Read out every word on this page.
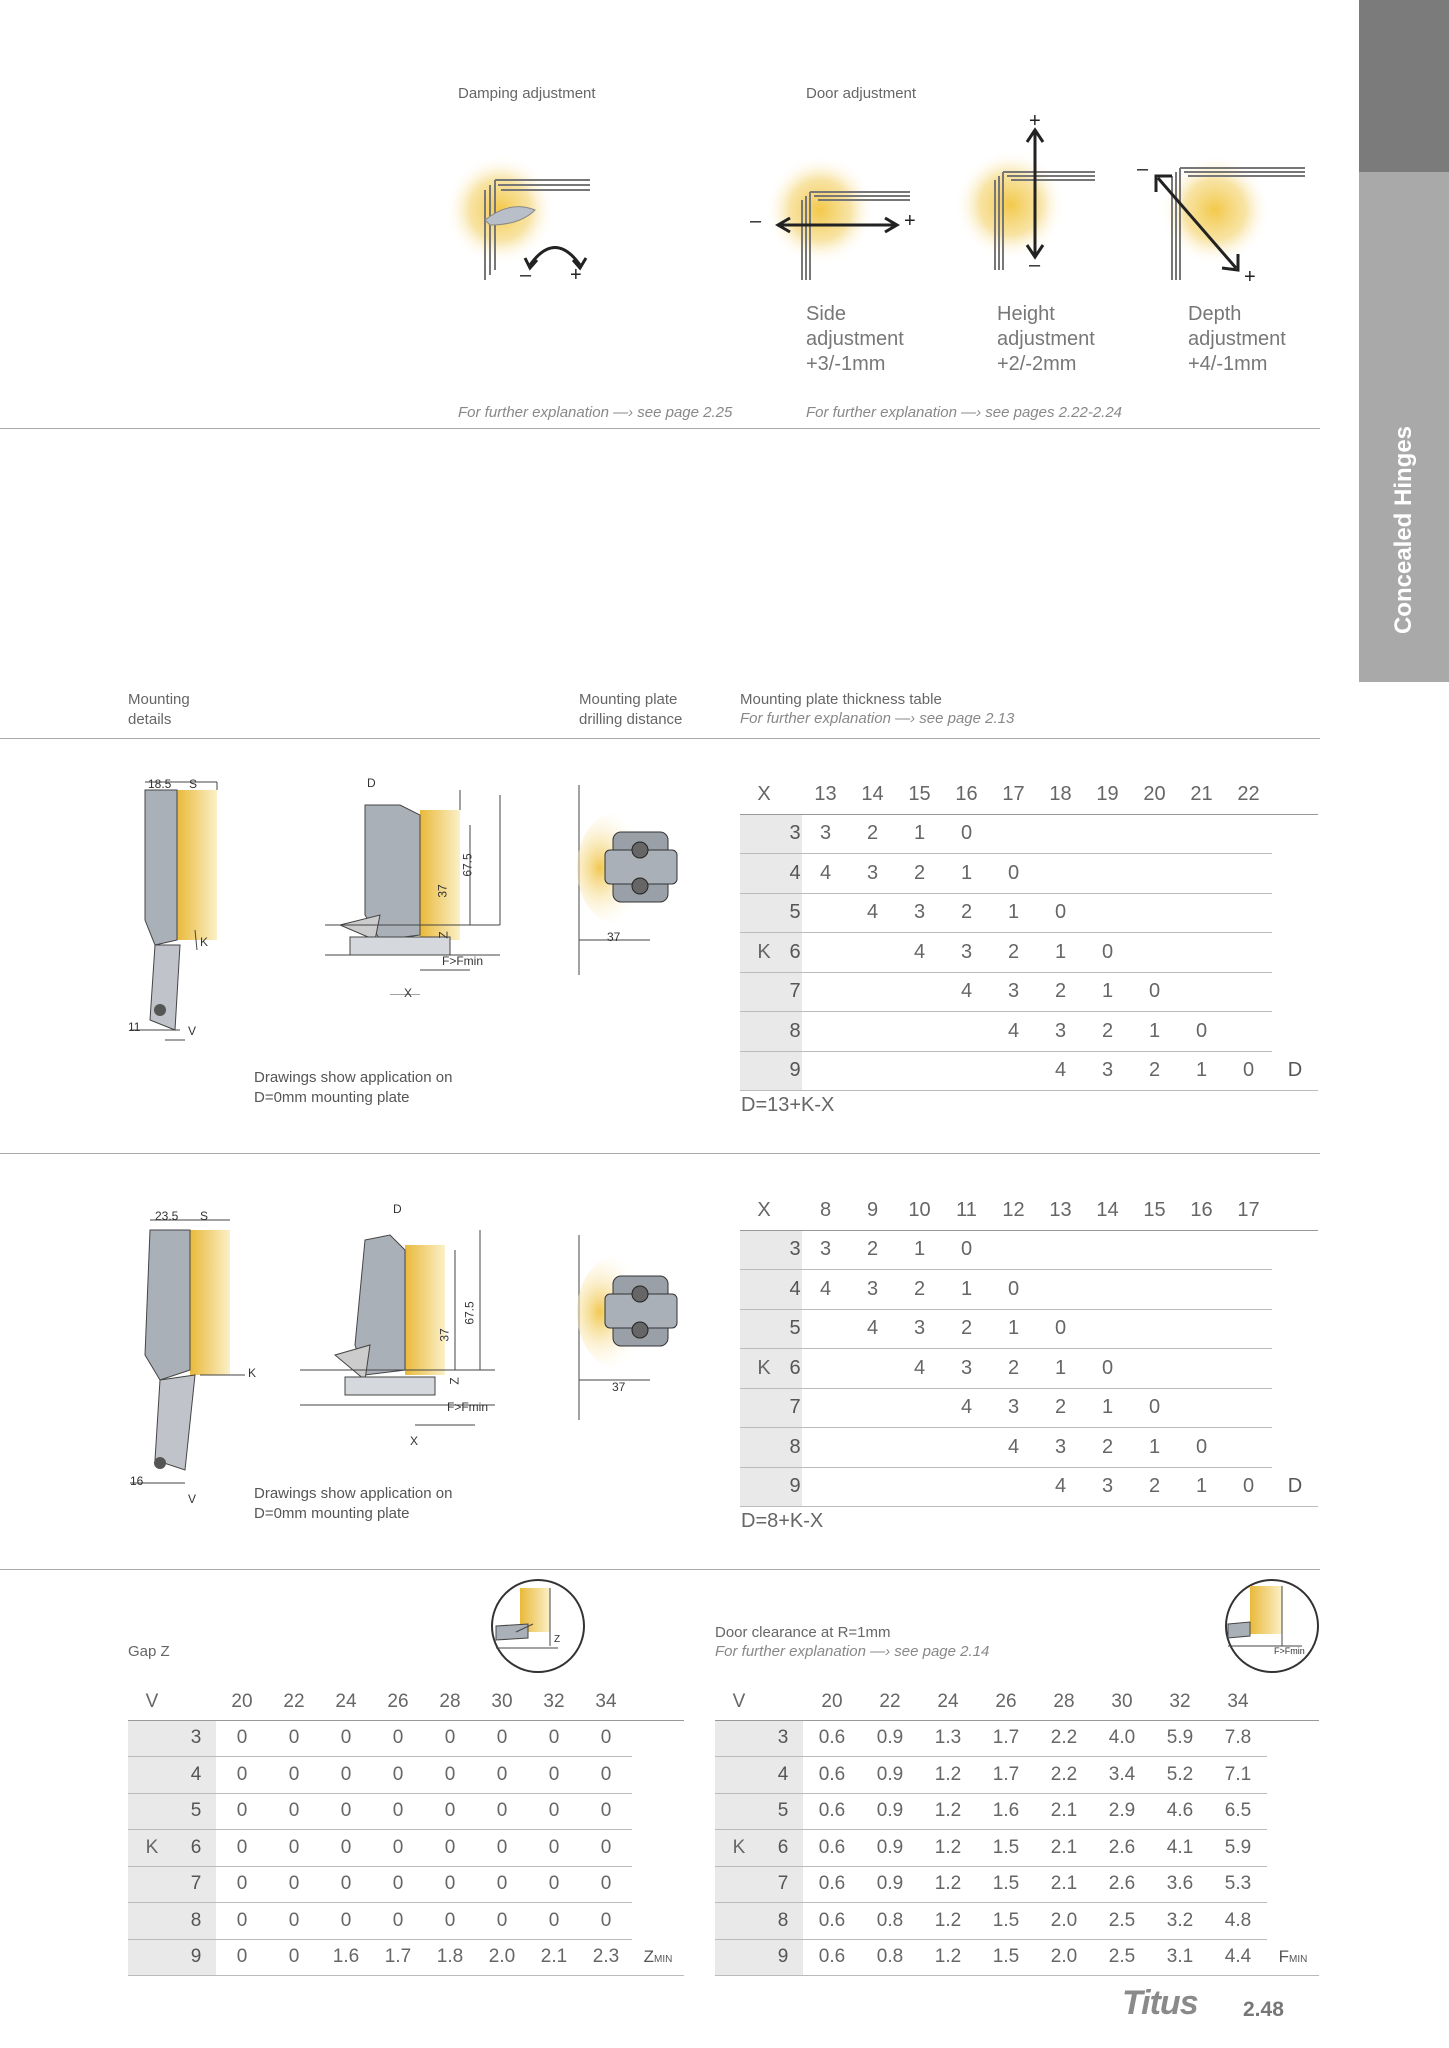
Concealed Hinges
Damping adjustment	Door adjustment
– +
–	+
+
–
–
+
Side
adjustment
+3/-1mm
Height
adjustment
+2/-2mm
Depth
adjustment
+4/-1mm
For further explanation —› see page 2.25	For further explanation —› see pages 2.22-2.24
Mounting
details
Mounting plate
drilling distance
Mounting plate thickness table
For further explanation —› see page 2.13
18.5 S
K
11	V
D
67.5
37
Z
F>Fmin
X
37
Drawings show application on
D=0mm mounting plate
X		13	14	15	16	17	18	19	20	21	22	
	3	3	2	1	0							
	4	4	3	2	1	0						
	5		4	3	2	1	0					
K	6			4	3	2	1	0				
	7				4	3	2	1	0			
	8					4	3	2	1	0		
	9						4	3	2	1	0	D
D=13+K-X
23.5 S
K
16
V
D
67.5
37
Z
F>Fmin
X
37
Drawings show application on
D=0mm mounting plate
X		8	9	10	11	12	13	14	15	16	17	
	3	3	2	1	0							
	4	4	3	2	1	0						
	5		4	3	2	1	0					
K	6			4	3	2	1	0				
	7				4	3	2	1	0			
	8					4	3	2	1	0		
	9						4	3	2	1	0	D
D=8+K-X
Gap Z
Z	Door clearance at R=1mm
For further explanation —› see page 2.14	F>Fmin
V		20	22	24	26	28	30	32	34	
	3	0	0	0	0	0	0	0	0	
	4	0	0	0	0	0	0	0	0	
	5	0	0	0	0	0	0	0	0	
K	6	0	0	0	0	0	0	0	0	
	7	0	0	0	0	0	0	0	0	
	8	0	0	0	0	0	0	0	0	
	9	0	0	1.6	1.7	1.8	2.0	2.1	2.3	ZMIN
V		20	22	24	26	28	30	32	34	
	3	0.6	0.9	1.3	1.7	2.2	4.0	5.9	7.8	
	4	0.6	0.9	1.2	1.7	2.2	3.4	5.2	7.1	
	5	0.6	0.9	1.2	1.6	2.1	2.9	4.6	6.5	
K	6	0.6	0.9	1.2	1.5	2.1	2.6	4.1	5.9	
	7	0.6	0.9	1.2	1.5	2.1	2.6	3.6	5.3	
	8	0.6	0.8	1.2	1.5	2.0	2.5	3.2	4.8	
	9	0.6	0.8	1.2	1.5	2.0	2.5	3.1	4.4	FMIN
Titus 2.48
